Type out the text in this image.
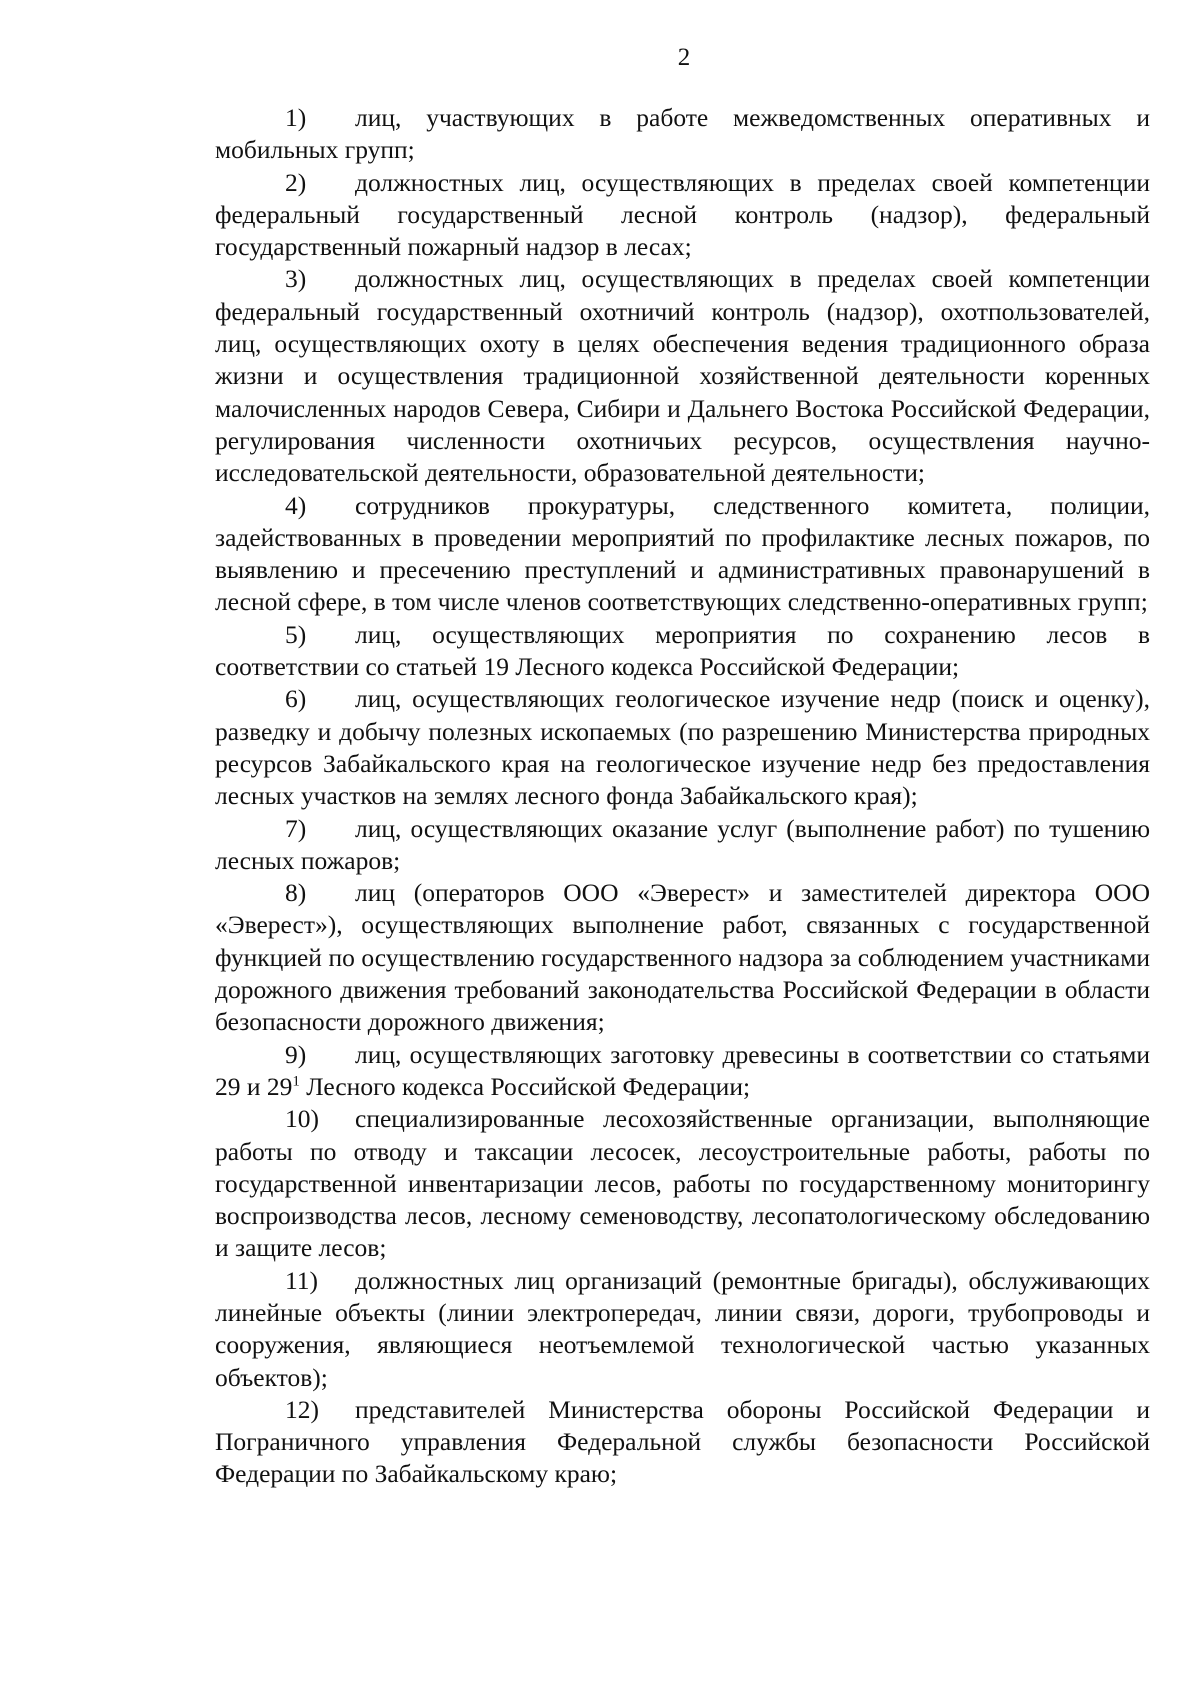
2

1) лиц, участвующих в работе межведомственных оперативных и мобильных групп;

2) должностных лиц, осуществляющих в пределах своей компетенции федеральный государственный лесной контроль (надзор), федеральный государственный пожарный надзор в лесах;

3) должностных лиц, осуществляющих в пределах своей компетенции федеральный государственный охотничий контроль (надзор), охотпользователей, лиц, осуществляющих охоту в целях обеспечения ведения традиционного образа жизни и осуществления традиционной хозяйственной деятельности коренных малочисленных народов Севера, Сибири и Дальнего Востока Российской Федерации, регулирования численности охотничьих ресурсов, осуществления научно-исследовательской деятельности, образовательной деятельности;

4) сотрудников прокуратуры, следственного комитета, полиции, задействованных в проведении мероприятий по профилактике лесных пожаров, по выявлению и пресечению преступлений и административных правонарушений в лесной сфере, в том числе членов соответствующих следственно-оперативных групп;

5) лиц, осуществляющих мероприятия по сохранению лесов в соответствии со статьей 19 Лесного кодекса Российской Федерации;

6) лиц, осуществляющих геологическое изучение недр (поиск и оценку), разведку и добычу полезных ископаемых (по разрешению Министерства природных ресурсов Забайкальского края на геологическое изучение недр без предоставления лесных участков на землях лесного фонда Забайкальского края);

7) лиц, осуществляющих оказание услуг (выполнение работ) по тушению лесных пожаров;

8) лиц (операторов ООО «Эверест» и заместителей директора ООО «Эверест»), осуществляющих выполнение работ, связанных с государственной функцией по осуществлению государственного надзора за соблюдением участниками дорожного движения требований законодательства Российской Федерации в области безопасности дорожного движения;

9) лиц, осуществляющих заготовку древесины в соответствии со статьями 29 и $29^1$ Лесного кодекса Российской Федерации;

10) специализированные лесохозяйственные организации, выполняющие работы по отводу и таксации лесосек, лесоустроительные работы, работы по государственной инвентаризации лесов, работы по государственному мониторингу воспроизводства лесов, лесному семеноводству, лесопатологическому обследованию и защите лесов;

11) должностных лиц организаций (ремонтные бригады), обслуживающих линейные объекты (линии электропередач, линии связи, дороги, трубопроводы и сооружения, являющиеся неотъемлемой технологической частью указанных объектов);

12) представителей Министерства обороны Российской Федерации и Пограничного управления Федеральной службы безопасности Российской Федерации по Забайкальскому краю;
